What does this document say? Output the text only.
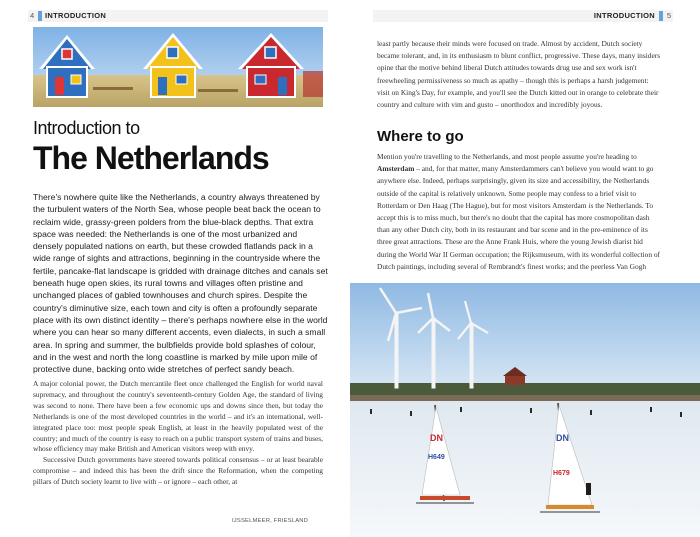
4 INTRODUCTION	INTRODUCTION 5
Introduction to
The Netherlands

There's nowhere quite like the Netherlands, a country always threatened by the turbulent waters of the North Sea, whose people beat back the ocean to reclaim wide, grassy-green polders from the blue-black depths. That extra space was needed: the Netherlands is one of the most urbanized and densely populated nations on earth, but these crowded flatlands pack in a wide range of sights and attractions, beginning in the countryside where the fertile, pancake-flat landscape is gridded with drainage ditches and canals set beneath huge open skies, its rural towns and villages often pristine and unchanged places of gabled townhouses and church spires. Despite the country's diminutive size, each town and city is often a profoundly separate place with its own distinct identity – there's perhaps nowhere else in the world where you can hear so many different accents, even dialects, in such a small area. In spring and summer, the bulbfields provide bold splashes of colour, and in the west and north the long coastline is marked by mile upon mile of protective dune, backing onto wide stretches of perfect sandy beach.

A major colonial power, the Dutch mercantile fleet once challenged the English for world naval supremacy, and throughout the country's seventeenth-century Golden Age, the standard of living was second to none. There have been a few economic ups and downs since then, but today the Netherlands is one of the most developed countries in the world – and it's an international, well-integrated place too: most people speak English, at least in the heavily populated west of the country; and much of the country is easy to reach on a public transport system of trains and buses, whose efficiency may make British and American visitors weep with envy.

Successive Dutch governments have steered towards political consensus – or at least bearable compromise – and indeed this has been the drift since the Reformation, when the competing pillars of Dutch society learnt to live with – or ignore – each other, at

IJSSELMEER, FRIESLAND

least partly because their minds were focused on trade. Almost by accident, Dutch society became tolerant, and, in its enthusiasm to blunt conflict, progressive. These days, many insiders opine that the motive behind liberal Dutch attitudes towards drug use and sex work isn't freewheeling permissiveness so much as apathy – though this is perhaps a harsh judgement: visit on King's Day, for example, and you'll see the Dutch kitted out in orange to celebrate their country and culture with vim and gusto – unorthodox and incredibly joyous.

Where to go

Mention you're travelling to the Netherlands, and most people assume you're heading to Amsterdam – and, for that matter, many Amsterdammers can't believe you would want to go anywhere else. Indeed, perhaps surprisingly, given its size and accessibility, the Netherlands outside of the capital is relatively unknown. Some people may confess to a brief visit to Rotterdam or Den Haag (The Hague), but for most visitors Amsterdam is the Netherlands. To accept this is to miss much, but there's no doubt that the capital has more cosmopolitan dash than any other Dutch city, both in its restaurant and bar scene and in the pre-eminence of its three great attractions. These are the Anne Frank Huis, where the young Jewish diarist hid during the World War II German occupation; the Rijksmuseum, with its wonderful collection of Dutch paintings, including several of Rembrandt's finest works; and the peerless Van Gogh

DN
H649
DN
H679
